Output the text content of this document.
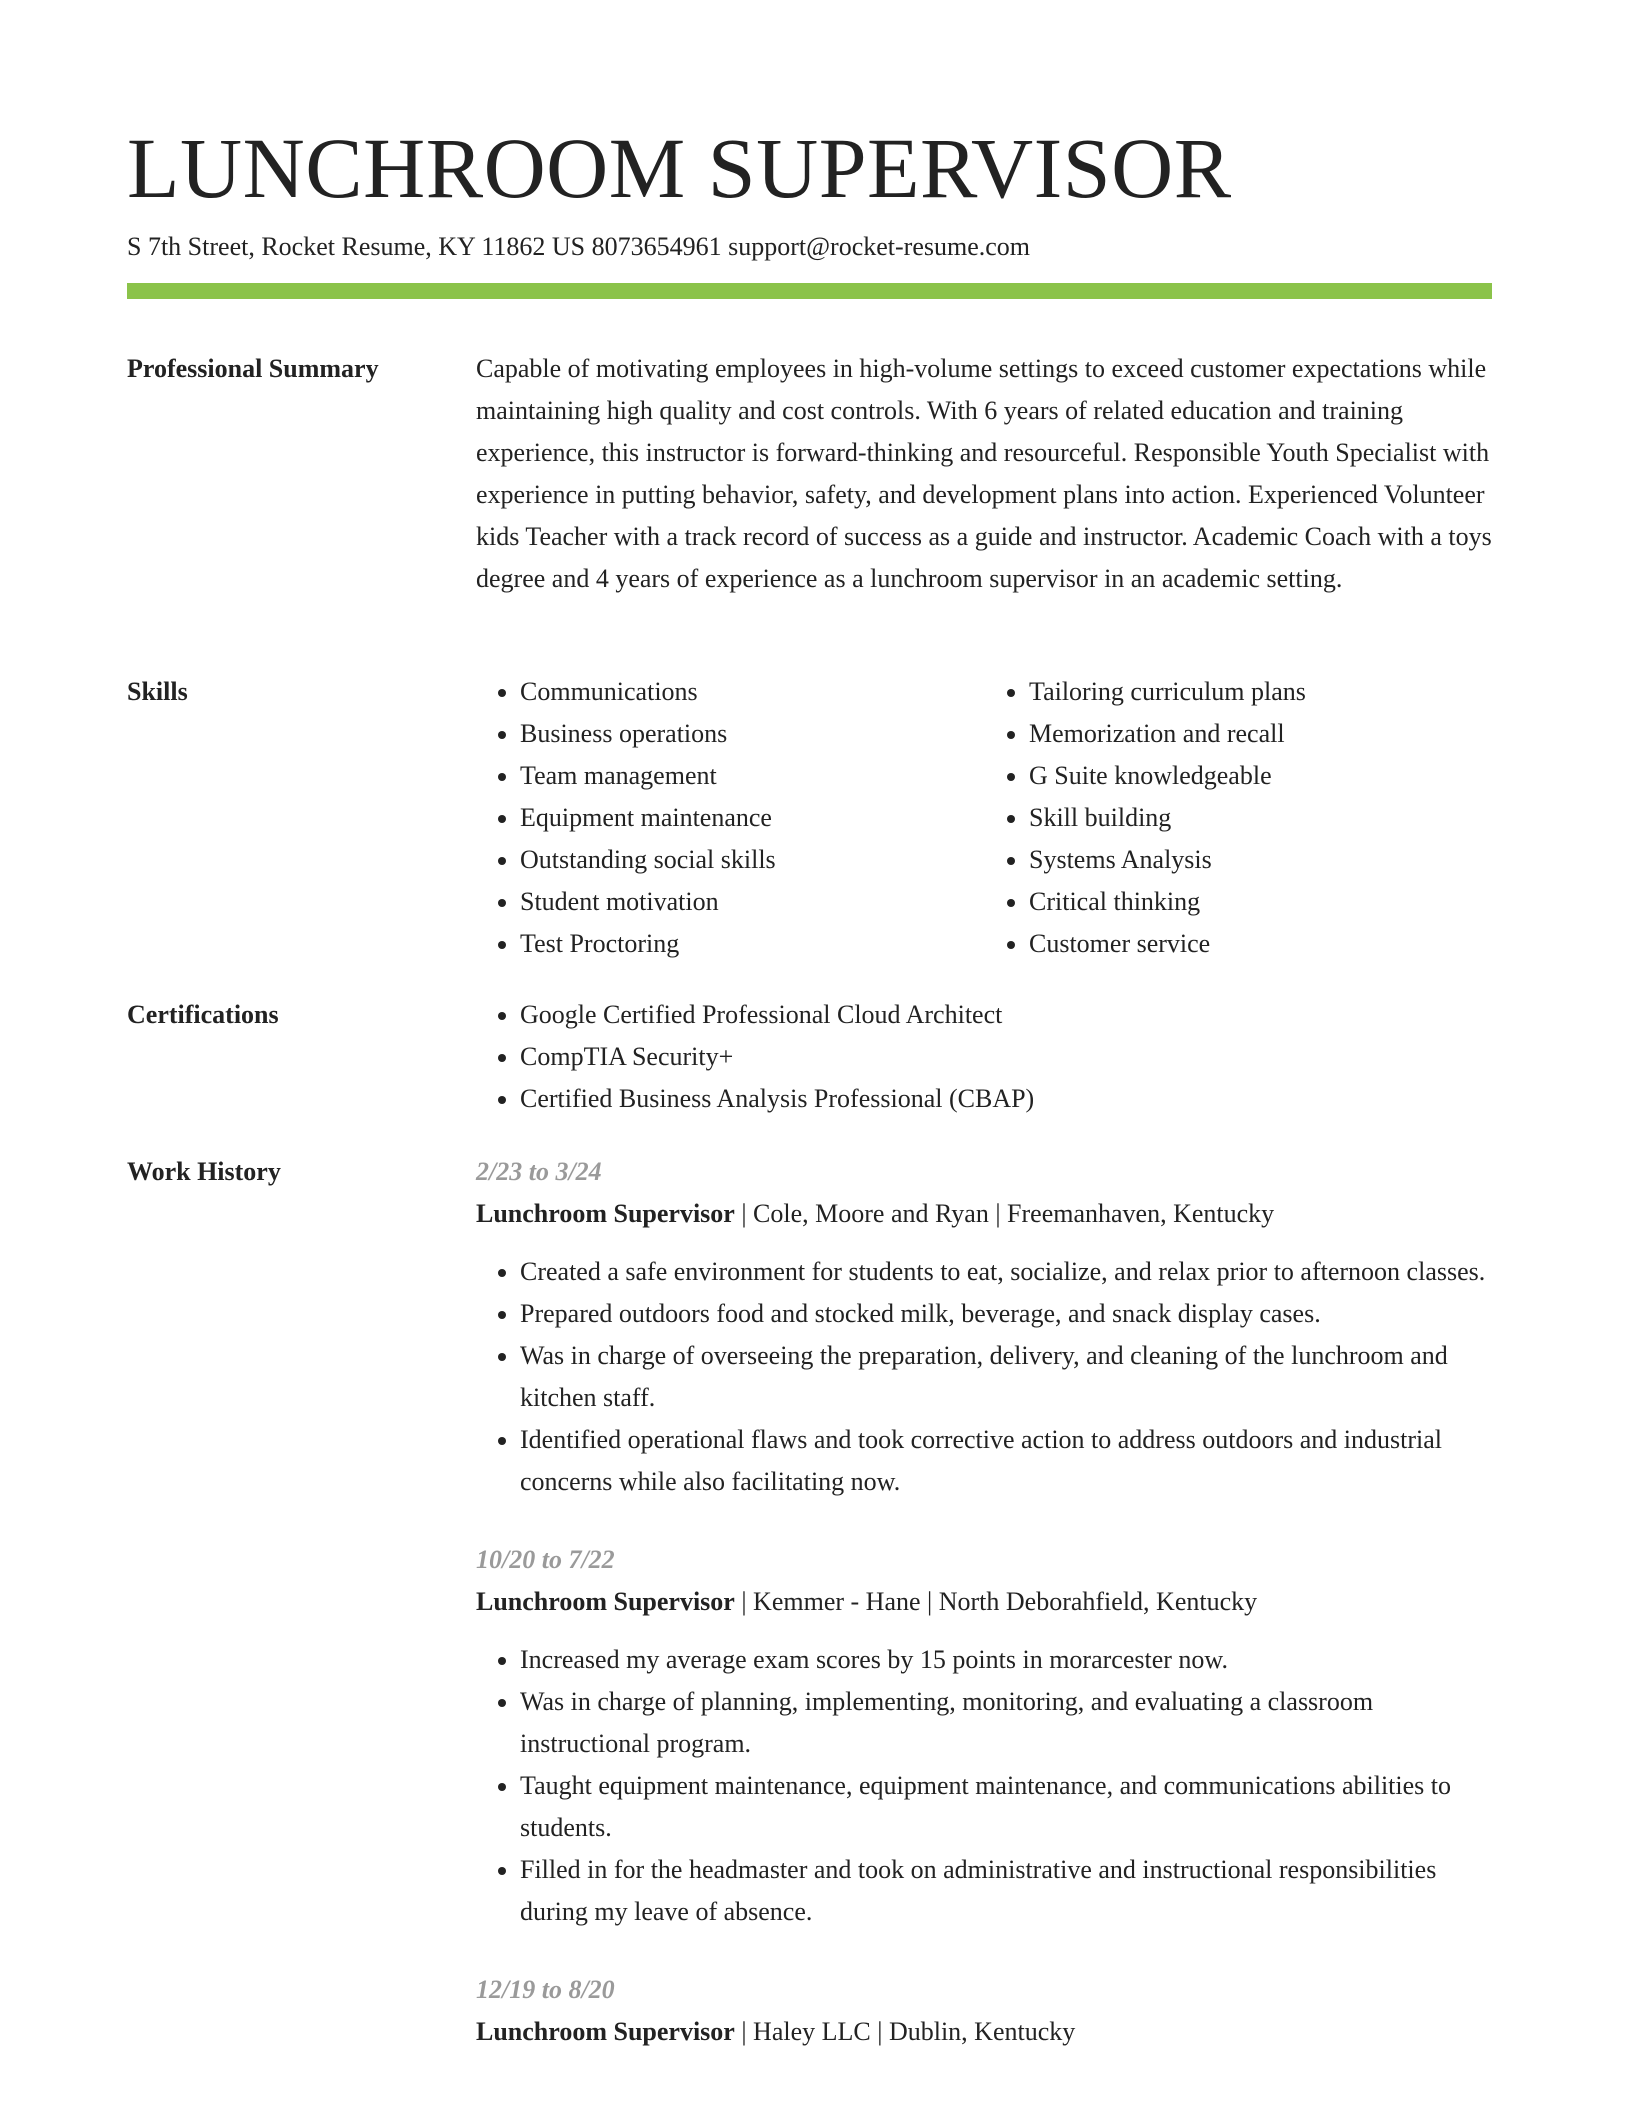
LUNCHROOM SUPERVISOR
S 7th Street, Rocket Resume, KY 11862 US 8073654961 support@rocket-resume.com
Professional Summary	Capable of motivating employees in high-volume settings to exceed customer expectations while maintaining high quality and cost controls. With 6 years of related education and training experience, this instructor is forward-thinking and resourceful. Responsible Youth Specialist with experience in putting behavior, safety, and development plans into action. Experienced Volunteer kids Teacher with a track record of success as a guide and instructor. Academic Coach with a toys degree and 4 years of experience as a lunchroom supervisor in an academic setting.

Skills	• Communications
• Business operations
• Team management
• Equipment maintenance
• Outstanding social skills
• Student motivation
• Test Proctoring
• Tailoring curriculum plans
• Memorization and recall
• G Suite knowledgeable
• Skill building
• Systems Analysis
• Critical thinking
• Customer service
Certifications	• Google Certified Professional Cloud Architect
• CompTIA Security+
• Certified Business Analysis Professional (CBAP)
Work History	2/23 to 3/24
Lunchroom Supervisor | Cole, Moore and Ryan | Freemanhaven, Kentucky
• Created a safe environment for students to eat, socialize, and relax prior to afternoon classes.
• Prepared outdoors food and stocked milk, beverage, and snack display cases.
• Was in charge of overseeing the preparation, delivery, and cleaning of the lunchroom and kitchen staff.
• Identified operational flaws and took corrective action to address outdoors and industrial concerns while also facilitating now.
10/20 to 7/22
Lunchroom Supervisor | Kemmer - Hane | North Deborahfield, Kentucky
• Increased my average exam scores by 15 points in morarcester now.
• Was in charge of planning, implementing, monitoring, and evaluating a classroom instructional program.
• Taught equipment maintenance, equipment maintenance, and communications abilities to students.
• Filled in for the headmaster and took on administrative and instructional responsibilities during my leave of absence.
12/19 to 8/20
Lunchroom Supervisor | Haley LLC | Dublin, Kentucky
